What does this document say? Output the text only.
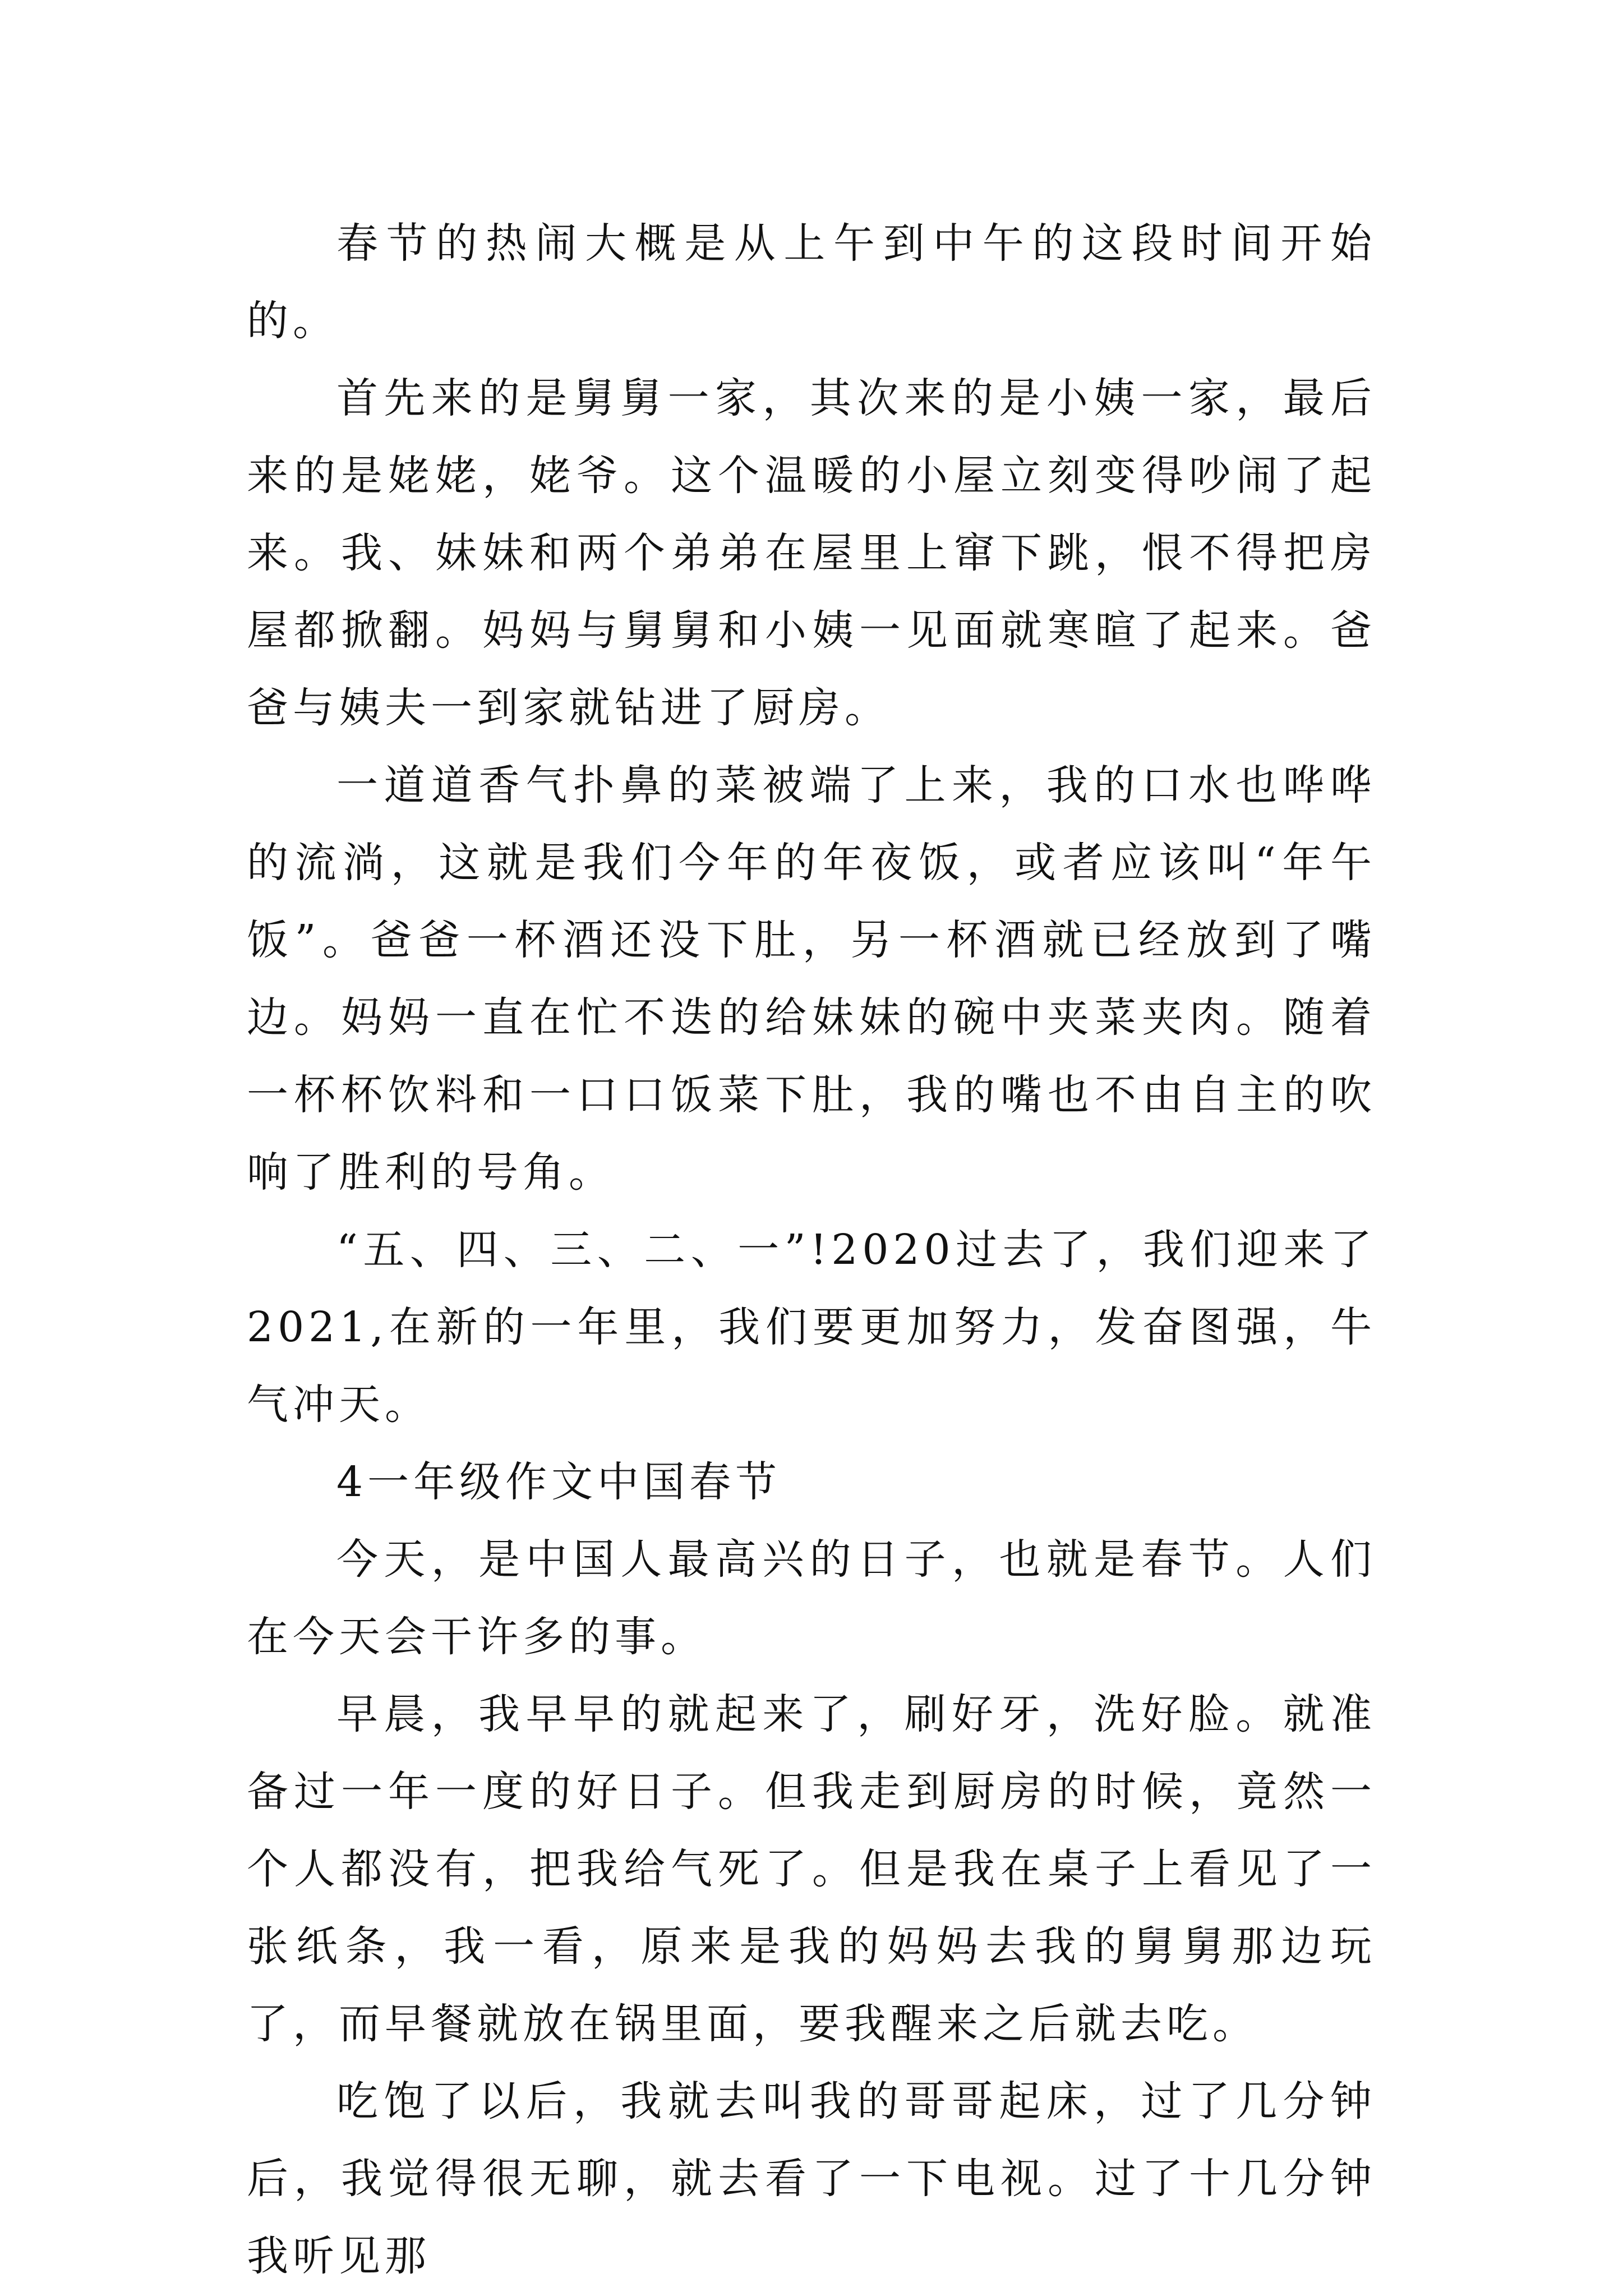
春节的热闹大概是从上午到中午的这段时间开始的。

首先来的是舅舅一家，其次来的是小姨一家，最后来的是姥姥，姥爷。这个温暖的小屋立刻变得吵闹了起来。我、妹妹和两个弟弟在屋里上窜下跳，恨不得把房屋都掀翻。妈妈与舅舅和小姨一见面就寒暄了起来。爸爸与姨夫一到家就钻进了厨房。

一道道香气扑鼻的菜被端了上来，我的口水也哗哗的流淌，这就是我们今年的年夜饭，或者应该叫“年午饭”。爸爸一杯酒还没下肚，另一杯酒就已经放到了嘴边。妈妈一直在忙不迭的给妹妹的碗中夹菜夹肉。随着一杯杯饮料和一口口饭菜下肚，我的嘴也不由自主的吹响了胜利的号角。

“五、四、三、二、一”!2020过去了，我们迎来了2021,在新的一年里，我们要更加努力，发奋图强，牛气冲天。

4一年级作文中国春节

今天，是中国人最高兴的日子，也就是春节。人们在今天会干许多的事。

早晨，我早早的就起来了，刷好牙，洗好脸。就准备过一年一度的好日子。但我走到厨房的时候，竟然一个人都没有，把我给气死了。但是我在桌子上看见了一张纸条，我一看，原来是我的妈妈去我的舅舅那边玩了，而早餐就放在锅里面，要我醒来之后就去吃。

吃饱了以后，我就去叫我的哥哥起床，过了几分钟后，我觉得很无聊，就去看了一下电视。过了十几分钟我听见那
